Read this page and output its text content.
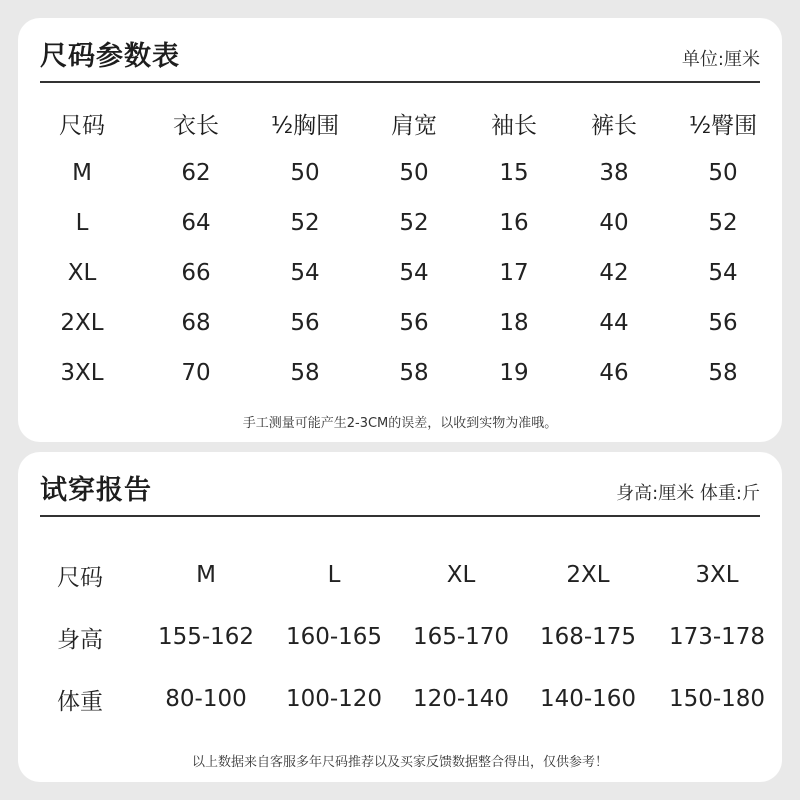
尺码参数表	单位:厘米
尺码	衣长	½胸围	肩宽	袖长	裤长	½臀围
M	62	50	50	15	38	50
L	64	52	52	16	40	52
XL	66	54	54	17	42	54
2XL	68	56	56	18	44	56
3XL	70	58	58	19	46	58
手工测量可能产生2-3CM的误差，以收到实物为准哦。
试穿报告	身高:厘米 体重:斤
尺码	M	L	XL	2XL	3XL
身高	155-162	160-165	165-170	168-175	173-178
体重	80-100	100-120	120-140	140-160	150-180
以上数据来自客服多年尺码推荐以及买家反馈数据整合得出，仅供参考！
